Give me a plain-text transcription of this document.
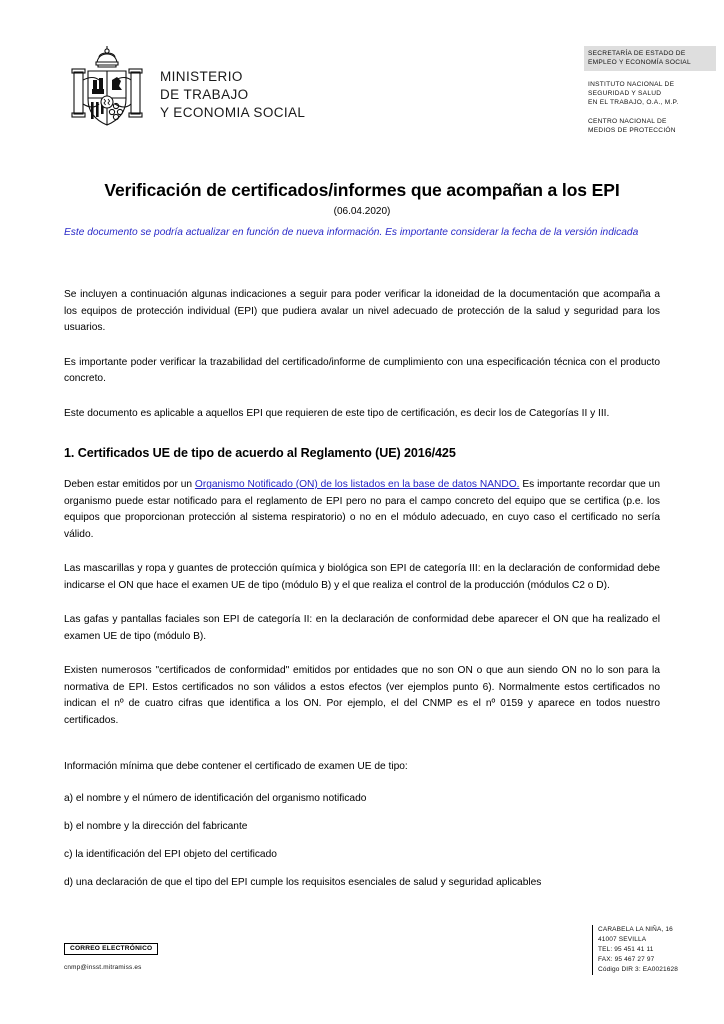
MINISTERIO
DE TRABAJO
Y ECONOMIA SOCIAL
SECRETARÍA DE ESTADO DE
EMPLEO Y ECONOMÍA SOCIAL
INSTITUTO NACIONAL DE
SEGURIDAD Y SALUD
EN EL TRABAJO, O.A., M.P.
CENTRO NACIONAL DE
MEDIOS DE PROTECCIÓN
Verificación de certificados/informes que acompañan a los EPI
(06.04.2020)
Este documento se podría actualizar en función de nueva información. Es importante considerar la fecha de la versión indicada

Se incluyen a continuación algunas indicaciones a seguir para poder verificar la idoneidad de la documentación que acompaña a los equipos de protección individual (EPI) que pudiera avalar un nivel adecuado de protección de la salud y seguridad para los usuarios.

Es importante poder verificar la trazabilidad del certificado/informe de cumplimiento con una especificación técnica con el producto concreto.

Este documento es aplicable a aquellos EPI que requieren de este tipo de certificación, es decir los de Categorías II y III.

1. Certificados UE de tipo de acuerdo al Reglamento (UE) 2016/425

Deben estar emitidos por un Organismo Notificado (ON) de los listados en la base de datos NANDO. Es importante recordar que un organismo puede estar notificado para el reglamento de EPI pero no para el campo concreto del equipo que se certifica (p.e. los equipos que proporcionan protección al sistema respiratorio) o no en el módulo adecuado, en cuyo caso el certificado no sería válido.

Las mascarillas y ropa y guantes de protección química y biológica son EPI de categoría III: en la declaración de conformidad debe indicarse el ON que hace el examen UE de tipo (módulo B) y el que realiza el control de la producción (módulos C2 o D).

Las gafas y pantallas faciales son EPI de categoría II: en la declaración de conformidad debe aparecer el ON que ha realizado el examen UE de tipo (módulo B).

Existen numerosos "certificados de conformidad" emitidos por entidades que no son ON o que aun siendo ON no lo son para la normativa de EPI. Estos certificados no son válidos a estos efectos (ver ejemplos punto 6). Normalmente estos certificados no indican el nº de cuatro cifras que identifica a los ON. Por ejemplo, el del CNMP es el nº 0159 y aparece en todos nuestro certificados.

Información mínima que debe contener el certificado de examen UE de tipo:

a) el nombre y el número de identificación del organismo notificado

b) el nombre y la dirección del fabricante

c) la identificación del EPI objeto del certificado

d) una declaración de que el tipo del EPI cumple los requisitos esenciales de salud y seguridad aplicables

CORREO ELECTRÓNICO
cnmp@insst.mitramiss.es
CARABELA LA NIÑA, 16
41007 SEVILLA
TEL: 95 451 41 11
FAX: 95 467 27 97
Código DIR 3: EA0021628
